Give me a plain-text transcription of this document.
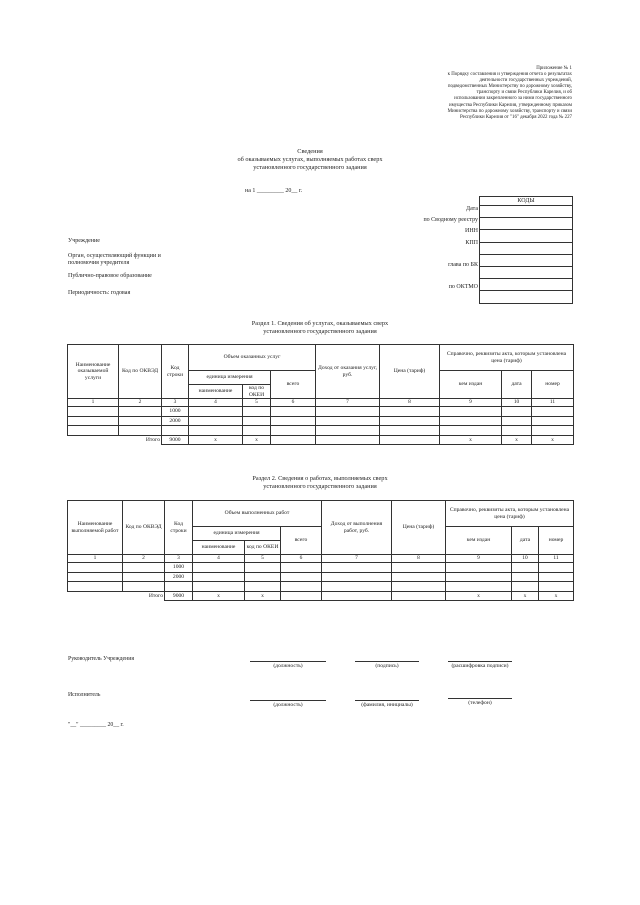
Приложение № 1
к Порядку составления и утверждения отчета о результатах
деятельности государственных учреждений,
подведомственных Министерству по дорожному хозяйству,
транспорту и связи Республики Карелия, и об
использовании закрепленного за ними государственного
имущества Республики Карелия, утвержденному приказом
Министерства по дорожному хозяйству, транспорту и связи
Республики Карелия от "16" декабря 2022 года № 227
Сведения
об оказываемых услугах, выполняемых работах сверх
установленного государственного задания
на 1 _________ 20__ г.
Дата
по Сводному реестру
ИНН
КПП
глава по БК
по ОКТМО
КОДЫ

Учреждение
Орган, осуществляющий функции и
полномочия учредителя
Публично-правовое образование
Периодичность: годовая
Раздел 1. Сведения об услугах, оказываемых сверх
установленного государственного задания
Наименование оказываемой услуги	Код по ОКВЭД	Код строки	Объем оказанных услуг			Доход от оказания услуг, руб.	Цена (тариф)	Справочно, реквизиты акта, которым установлена цена (тариф)		
			единица измерения		всего			кем издан	дата	номер
			наименование	код по ОКЕИ						
1	2	3	4	5	6	7	8	9	10	11
		1000								
		2000								

	Итого	9000	x	x				x	x	x
Раздел 2. Сведения о работах, выполняемых сверх
установленного государственного задания
Наименование выполняемой работ	Код по ОКВЭД	Код строки	Объем выполненных работ			Доход от выполнения работ, руб.	Цена (тариф)	Справочно, реквизиты акта, которым установлена цена (тариф)		
			единица измерения		всего			кем издан	дата	номер
			наименование	код по ОКЕИ						
1	2	3	4	5	6	7	8	9	10	11
		1000								
		2000								

	Итого	9000	x	x				x	x	x
Руководитель Учреждения
(должность)	(подпись)	(расшифровка подписи)
Исполнитель
(должность)	(фамилия, инициалы)	(телефон)
"__" _________ 20__ г.
